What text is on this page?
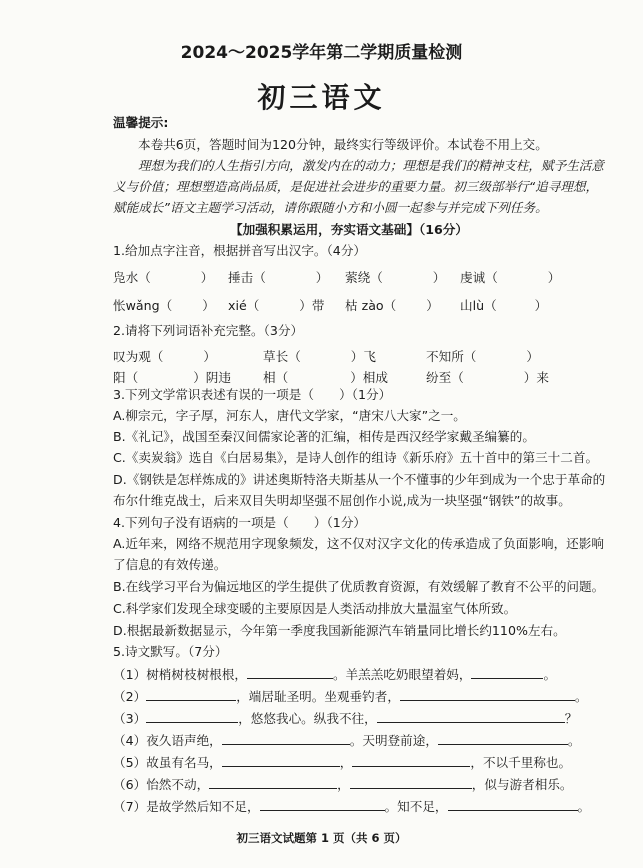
2024～2025学年第二学期质量检测
初三语文
温馨提示:
本卷共6页，答题时间为120分钟，最终实行等级评价。本试卷不用上交。
理想为我们的人生指引方向，激发内在的动力；理想是我们的精神支柱，赋予生活意
义与价值；理想塑造高尚品质，是促进社会进步的重要力量。初三级部举行“追寻理想，
赋能成长”语文主题学习活动，请你跟随小方和小圆一起参与并完成下列任务。
【加强积累运用，夯实语文基础】（16分）
1.给加点字注音，根据拼音写出汉字。（4分）
凫水（	） 捶击（	） 萦绕（	） 虔诚（	）
怅wǎng（ ） xié（	）带 枯 zào（ ） 山lù（	）
2.请将下列词语补充完整。（3分）
叹为观（	）	草长（	）飞	不知所（	）
阳（	）阴违	相（	）相成	纷至（	）来
3.下列文学常识表述有误的一项是（　　）（1分）
A.柳宗元，字子厚，河东人，唐代文学家，“唐宋八大家”之一。
B.《礼记》，战国至秦汉间儒家论著的汇编，相传是西汉经学家戴圣编纂的。
C.《卖炭翁》选自《白居易集》，是诗人创作的组诗《新乐府》五十首中的第三十二首。
D.《钢铁是怎样炼成的》讲述奥斯特洛夫斯基从一个不懂事的少年到成为一个忠于革命的
布尔什维克战士，后来双目失明却坚强不屈创作小说,成为一块坚强“钢铁”的故事。
4.下列句子没有语病的一项是（　　）（1分）
A.近年来，网络不规范用字现象频发，这不仅对汉字文化的传承造成了负面影响，还影响
了信息的有效传递。
B.在线学习平台为偏远地区的学生提供了优质教育资源，有效缓解了教育不公平的问题。
C.科学家们发现全球变暖的主要原因是人类活动排放大量温室气体所致。
D.根据最新数据显示，今年第一季度我国新能源汽车销量同比增长约110%左右。
5.诗文默写。（7分）
（1）树梢树枝树根根，	。羊羔羔吃奶眼望着妈，	。
（2）	，端居耻圣明。坐观垂钓者，	。
（3）	，悠悠我心。纵我不往，	？
（4）夜久语声绝，	。天明登前途，	。
（5）故虽有名马，	，	，不以千里称也。
（6）怡然不动，	，	，似与游者相乐。
（7）是故学然后知不足，	。知不足，	。
初三语文试题第 1 页（共 6 页）
